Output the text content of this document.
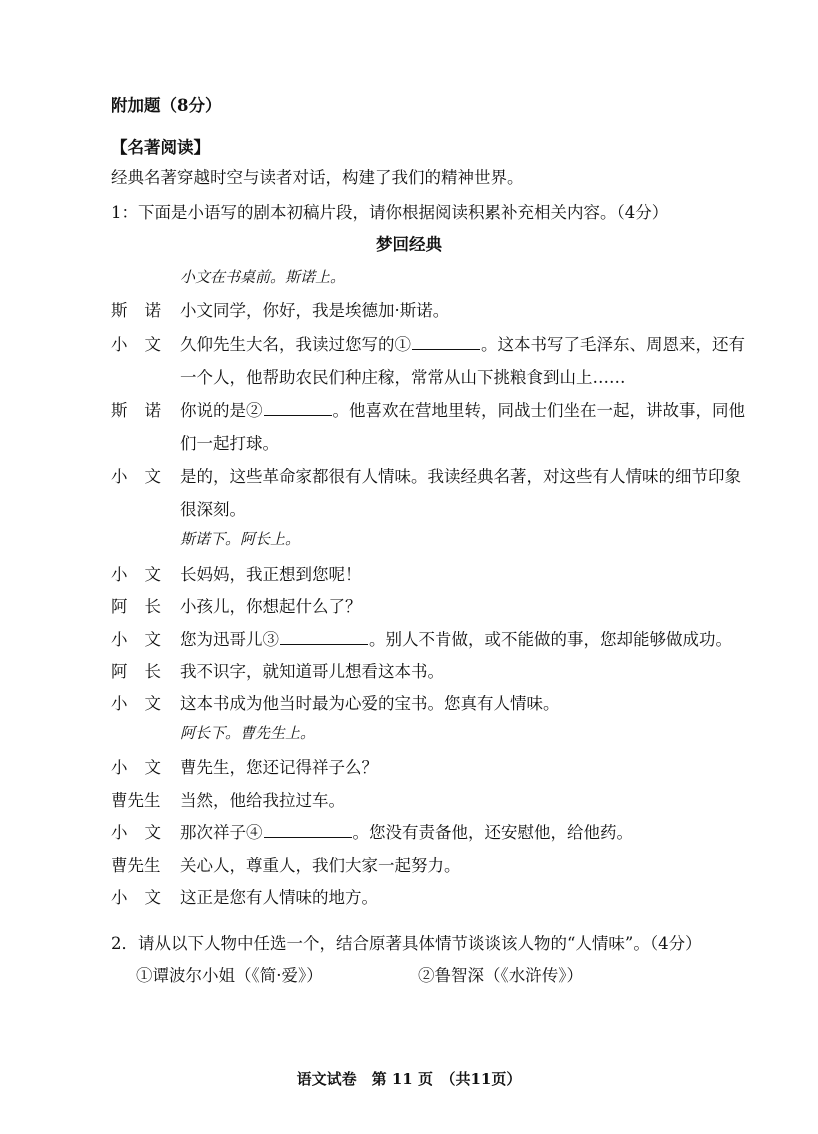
附加题（8分）
【名著阅读】
经典名著穿越时空与读者对话，构建了我们的精神世界。
1：下面是小语写的剧本初稿片段，请你根据阅读积累补充相关内容。（4分）
梦回经典
小文在书桌前。斯诺上。
斯 诺 小文同学，你好，我是埃德加·斯诺。
小 文 久仰先生大名，我读过您写的①	。这本书写了毛泽东、周恩来，还有
一个人，他帮助农民们种庄稼，常常从山下挑粮食到山上……
斯 诺 你说的是②	。他喜欢在营地里转，同战士们坐在一起，讲故事，同他
们一起打球。
小 文 是的，这些革命家都很有人情味。我读经典名著，对这些有人情味的细节印象
很深刻。
斯诺下。阿长上。
小 文 长妈妈，我正想到您呢！
阿 长 小孩儿，你想起什么了？
小 文 您为迅哥儿③	。别人不肯做，或不能做的事，您却能够做成功。
阿 长 我不识字，就知道哥儿想看这本书。
小 文 这本书成为他当时最为心爱的宝书。您真有人情味。
阿长下。曹先生上。
小 文 曹先生，您还记得祥子么？
曹先生 当然，他给我拉过车。
小 文 那次祥子④	。您没有责备他，还安慰他，给他药。
曹先生 关心人，尊重人，我们大家一起努力。
小 文 这正是您有人情味的地方。
2．请从以下人物中任选一个，结合原著具体情节谈谈该人物的“人情味”。（4分）
①谭波尔小姐（《简·爱》）	②鲁智深（《水浒传》）
语文试卷　第 11 页　（共11页）
